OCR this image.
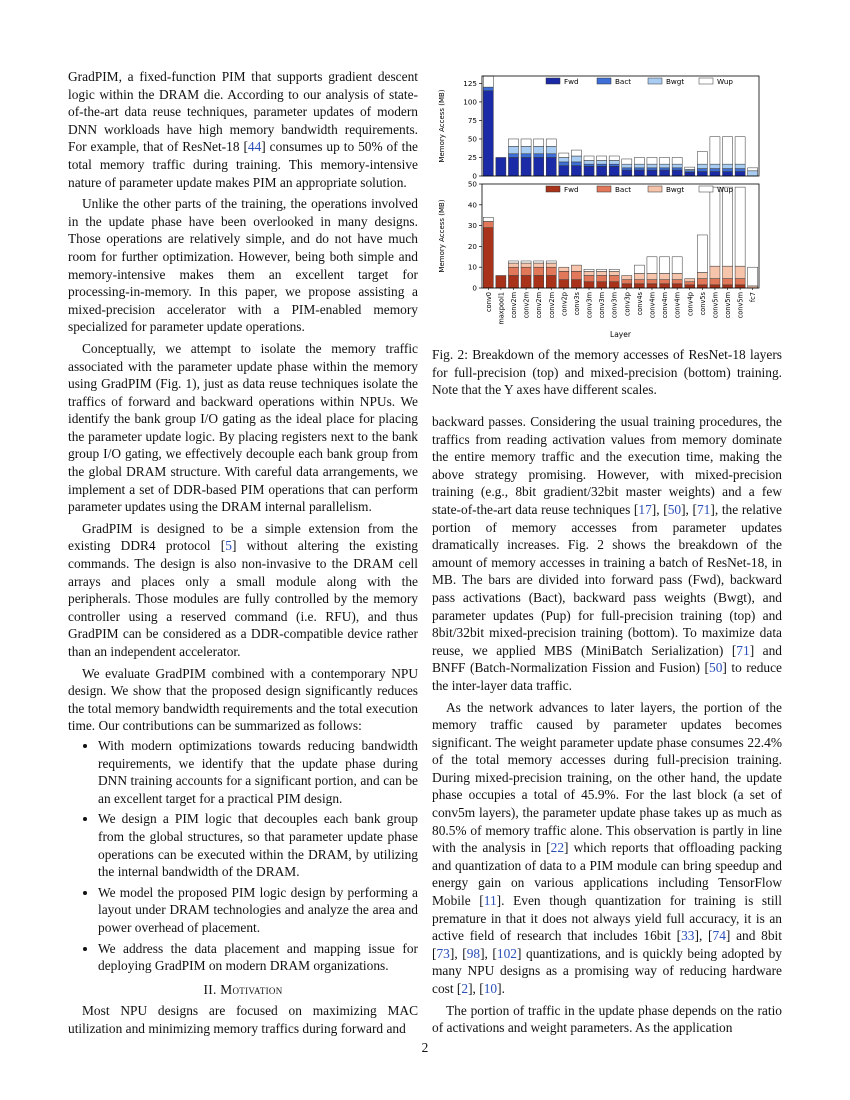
GradPIM, a fixed-function PIM that supports gradient descent logic within the DRAM die. According to our analysis of state-of-the-art data reuse techniques, parameter updates of modern DNN workloads have high memory bandwidth requirements. For example, that of ResNet-18 [44] consumes up to 50% of the total memory traffic during training. This memory-intensive nature of parameter update makes PIM an appropriate solution.

Unlike the other parts of the training, the operations involved in the update phase have been overlooked in many designs. Those operations are relatively simple, and do not have much room for further optimization. However, being both simple and memory-intensive makes them an excellent target for processing-in-memory. In this paper, we propose assisting a mixed-precision accelerator with a PIM-enabled memory specialized for parameter update operations.

Conceptually, we attempt to isolate the memory traffic associated with the parameter update phase within the memory using GradPIM (Fig. 1), just as data reuse techniques isolate the traffics of forward and backward operations within NPUs. We identify the bank group I/O gating as the ideal place for placing the parameter update logic. By placing registers next to the bank group I/O gating, we effectively decouple each bank group from the global DRAM structure. With careful data arrangements, we implement a set of DDR-based PIM operations that can perform parameter updates using the DRAM internal parallelism.

GradPIM is designed to be a simple extension from the existing DDR4 protocol [5] without altering the existing commands. The design is also non-invasive to the DRAM cell arrays and places only a small module along with the peripherals. Those modules are fully controlled by the memory controller using a reserved command (i.e. RFU), and thus GradPIM can be considered as a DDR-compatible device rather than an independent accelerator.

We evaluate GradPIM combined with a contemporary NPU design. We show that the proposed design significantly reduces the total memory bandwidth requirements and the total execution time. Our contributions can be summarized as follows:

• With modern optimizations towards reducing bandwidth requirements, we identify that the update phase during DNN training accounts for a significant portion, and can be an excellent target for a practical PIM design.
• We design a PIM logic that decouples each bank group from the global structures, so that parameter update phase operations can be executed within the DRAM, by utilizing the internal bandwidth of the DRAM.
• We model the proposed PIM logic design by performing a layout under DRAM technologies and analyze the area and power overhead of placement.
• We address the data placement and mapping issue for deploying GradPIM on modern DRAM organizations.
II. Motivation

Most NPU designs are focused on maximizing MAC utilization and minimizing memory traffics during forward and

0
25
50
75
100
125
Memory Access (MB)
Fwd	Bact	Bwgt	Wup
0
10
20
30
40
50
Memory Access (MB)
Fwd	Bact	Bwgt	Wup
conv0 maxpool1 conv2m conv2m conv2m conv2m conv2p conv3s conv3m conv3m conv3m conv3p conv4s conv4m conv4m conv4m conv4p conv5s conv5m conv5m conv5m fc7
Layer
Fig. 2: Breakdown of the memory accesses of ResNet-18 layers for full-precision (top) and mixed-precision (bottom) training. Note that the Y axes have different scales.

backward passes. Considering the usual training procedures, the traffics from reading activation values from memory dominate the entire memory traffic and the execution time, making the above strategy promising. However, with mixed-precision training (e.g., 8bit gradient/32bit master weights) and a few state-of-the-art data reuse techniques [17], [50], [71], the relative portion of memory accesses from parameter updates dramatically increases. Fig. 2 shows the breakdown of the amount of memory accesses in training a batch of ResNet-18, in MB. The bars are divided into forward pass (Fwd), backward pass activations (Bact), backward pass weights (Bwgt), and parameter updates (Pup) for full-precision training (top) and 8bit/32bit mixed-precision training (bottom). To maximize data reuse, we applied MBS (MiniBatch Serialization) [71] and BNFF (Batch-Normalization Fission and Fusion) [50] to reduce the inter-layer data traffic.

As the network advances to later layers, the portion of the memory traffic caused by parameter updates becomes significant. The weight parameter update phase consumes 22.4% of the total memory accesses during full-precision training. During mixed-precision training, on the other hand, the update phase occupies a total of 45.9%. For the last block (a set of conv5m layers), the parameter update phase takes up as much as 80.5% of memory traffic alone. This observation is partly in line with the analysis in [22] which reports that offloading packing and quantization of data to a PIM module can bring speedup and energy gain on various applications including TensorFlow Mobile [11]. Even though quantization for training is still premature in that it does not always yield full accuracy, it is an active field of research that includes 16bit [33], [74] and 8bit [73], [98], [102] quantizations, and is quickly being adopted by many NPU designs as a promising way of reducing hardware cost [2], [10].

The portion of traffic in the update phase depends on the ratio of activations and weight parameters. As the application

2
